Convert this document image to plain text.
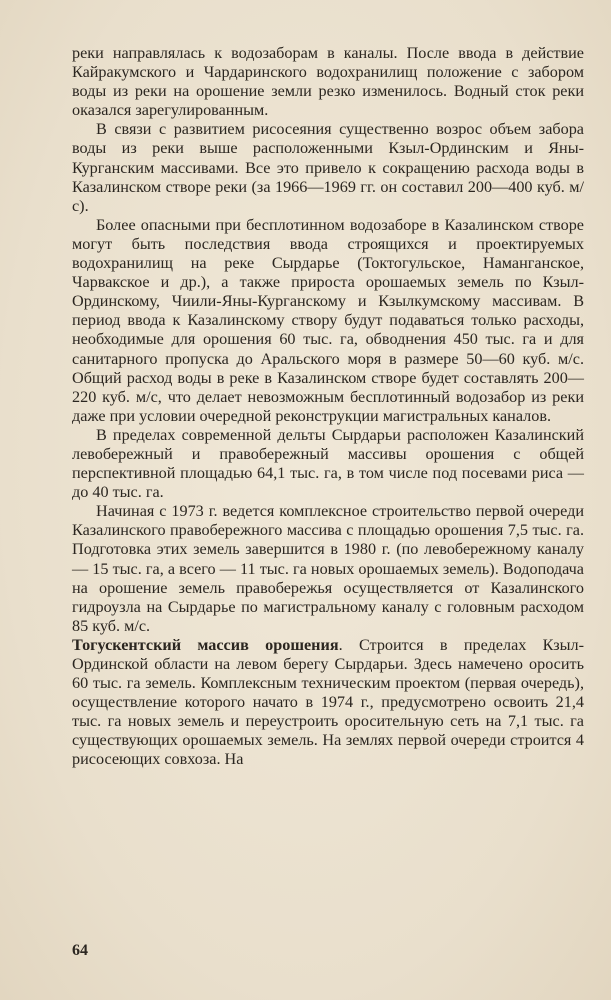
реки направлялась к водозаборам в каналы. После ввода в действие Кайракумского и Чардаринского водохранилищ положение с забором воды из реки на орошение земли резко изменилось. Водный сток реки оказался зарегулированным.

В связи с развитием рисосеяния существенно возрос объем забора воды из реки выше расположенными Кзыл-Ординским и Яны-Курганским массивами. Все это привело к сокращению расхода воды в Казалинском створе реки (за 1966—1969 гг. он составил 200—400 куб. м/с).

Более опасными при бесплотинном водозаборе в Казалинском створе могут быть последствия ввода строящихся и проектируемых водохранилищ на реке Сырдарье (Токтогульское, Наманганское, Чарвакское и др.), а также прироста орошаемых земель по Кзыл-Ординскому, Чиили-Яны-Курганскому и Кзылкумскому массивам. В период ввода к Казалинскому створу будут подаваться только расходы, необходимые для орошения 60 тыс. га, обводнения 450 тыс. га и для санитарного пропуска до Аральского моря в размере 50—60 куб. м/с. Общий расход воды в реке в Казалинском створе будет составлять 200—220 куб. м/с, что делает невозможным бесплотинный водозабор из реки даже при условии очередной реконструкции магистральных каналов.

В пределах современной дельты Сырдарьи расположен Казалинский левобережный и правобережный массивы орошения с общей перспективной площадью 64,1 тыс. га, в том числе под посевами риса — до 40 тыс. га.

Начиная с 1973 г. ведется комплексное строительство первой очереди Казалинского правобережного массива с площадью орошения 7,5 тыс. га. Подготовка этих земель завершится в 1980 г. (по левобережному каналу — 15 тыс. га, а всего — 11 тыс. га новых орошаемых земель). Водоподача на орошение земель правобережья осуществляется от Казалинского гидроузла на Сырдарье по магистральному каналу с головным расходом 85 куб. м/с.

Тогускентский массив орошения. Строится в пределах Кзыл-Ординской области на левом берегу Сырдарьи. Здесь намечено оросить 60 тыс. га земель. Комплексным техническим проектом (первая очередь), осуществление которого начато в 1974 г., предусмотрено освоить 21,4 тыс. га новых земель и переустроить оросительную сеть на 7,1 тыс. га существующих орошаемых земель. На землях первой очереди строится 4 рисосеющих совхоза. На

64
